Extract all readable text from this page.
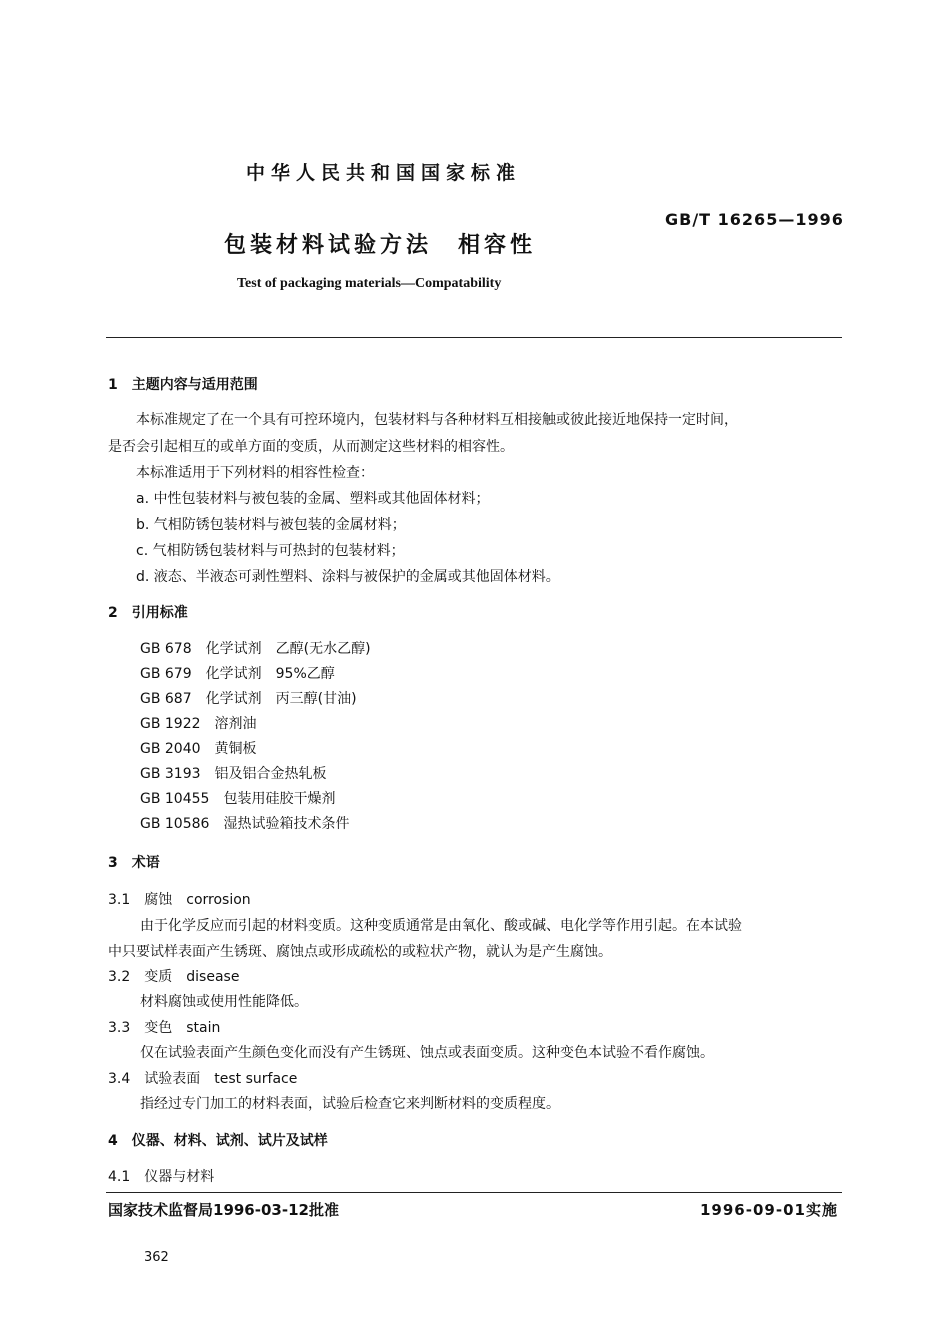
中华人民共和国国家标准
GB/T 16265—1996
包装材料试验方法　相容性
Test of packaging materials—Compatability
1　主题内容与适用范围
本标准规定了在一个具有可控环境内，包装材料与各种材料互相接触或彼此接近地保持一定时间，
是否会引起相互的或单方面的变质，从而测定这些材料的相容性。
本标准适用于下列材料的相容性检查：
a. 中性包装材料与被包装的金属、塑料或其他固体材料；
b. 气相防锈包装材料与被包装的金属材料；
c. 气相防锈包装材料与可热封的包装材料；
d. 液态、半液态可剥性塑料、涂料与被保护的金属或其他固体材料。
2　引用标准
GB 678　化学试剂　乙醇(无水乙醇)
GB 679　化学试剂　95%乙醇
GB 687　化学试剂　丙三醇(甘油)
GB 1922　溶剂油
GB 2040　黄铜板
GB 3193　铝及铝合金热轧板
GB 10455　包装用硅胶干燥剂
GB 10586　湿热试验箱技术条件
3　术语
3.1　腐蚀　corrosion
由于化学反应而引起的材料变质。这种变质通常是由氧化、酸或碱、电化学等作用引起。在本试验
中只要试样表面产生锈斑、腐蚀点或形成疏松的或粒状产物，就认为是产生腐蚀。
3.2　变质　disease
材料腐蚀或使用性能降低。
3.3　变色　stain
仅在试验表面产生颜色变化而没有产生锈斑、蚀点或表面变质。这种变色本试验不看作腐蚀。
3.4　试验表面　test surface
指经过专门加工的材料表面，试验后检查它来判断材料的变质程度。
4　仪器、材料、试剂、试片及试样
4.1　仪器与材料
国家技术监督局1996-03-12批准	1996-09-01实施
362
